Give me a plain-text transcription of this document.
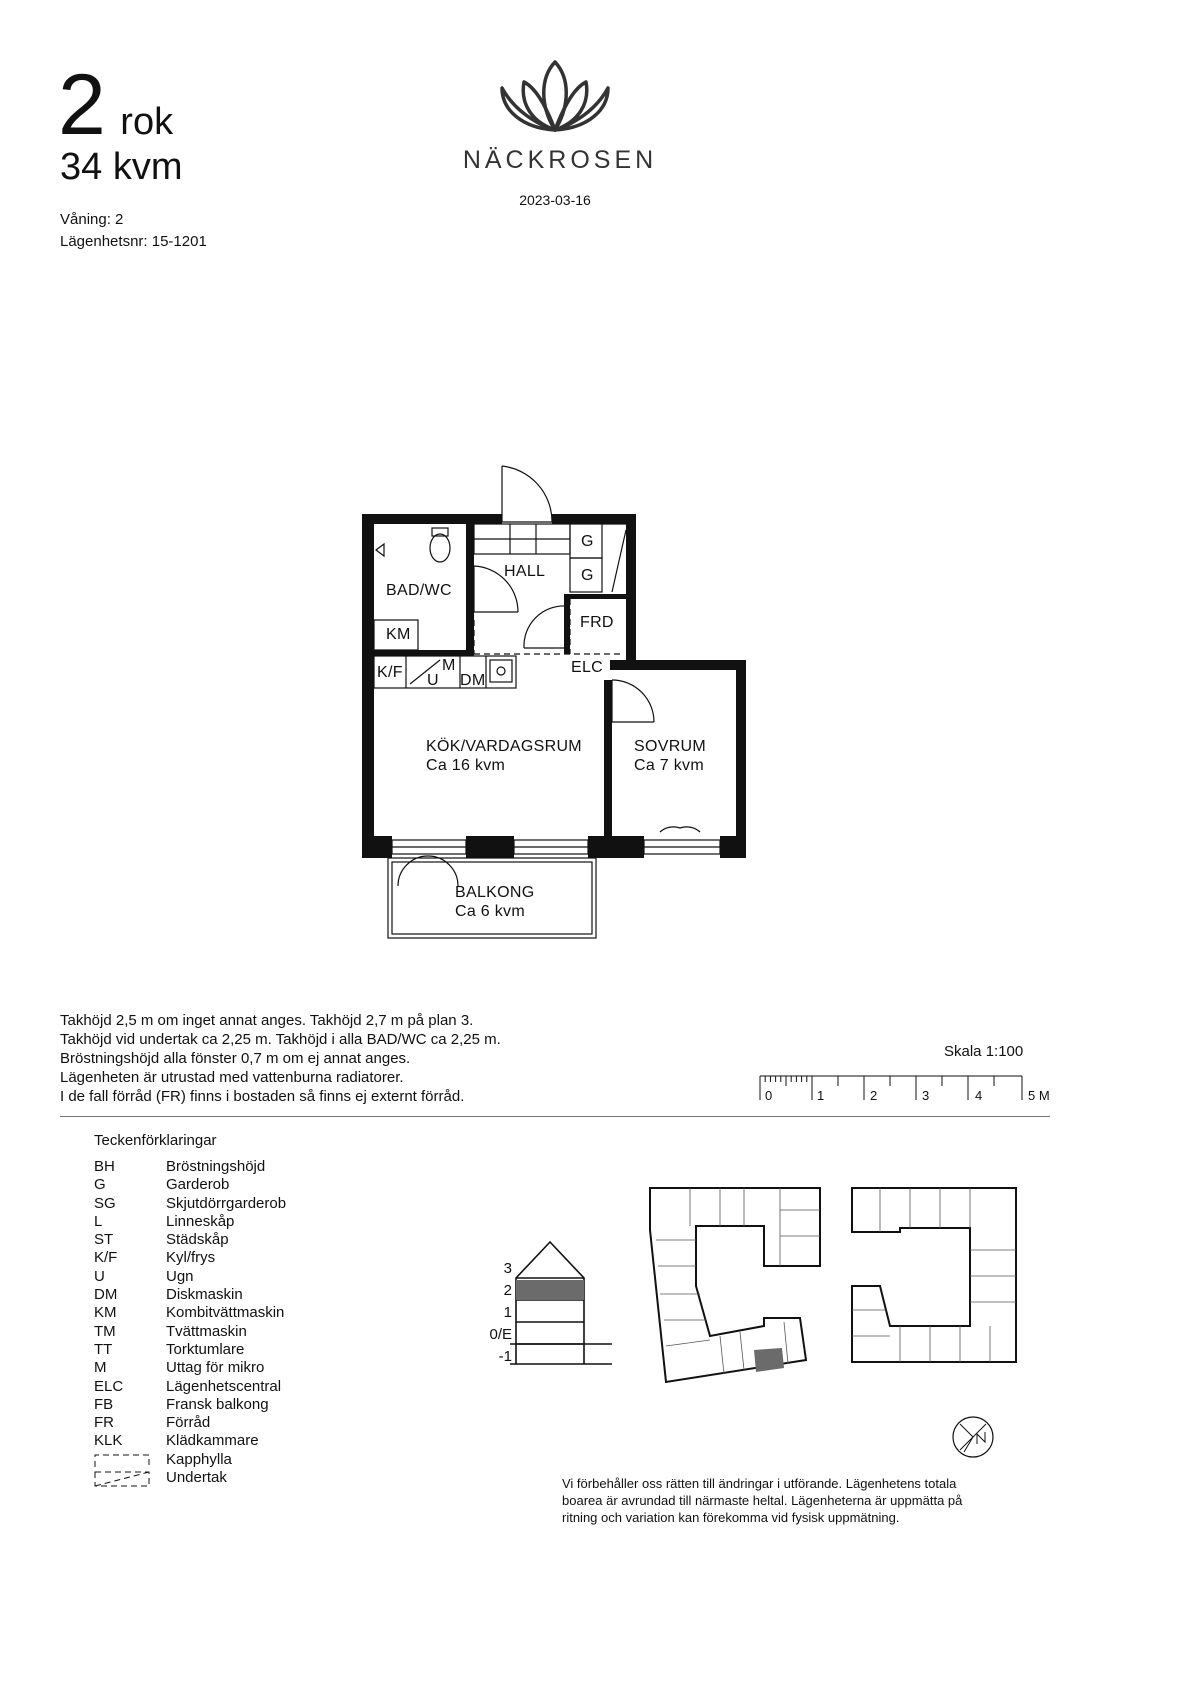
2 rok
34 kvm
Våning: 2
Lägenhetsnr: 15-1201
NÄCKROSEN
2023-03-16
BAD/WC
HALL
G
G
FRD
KM
K/F M
U DM
ELC
KÖK/VARDAGSRUM
Ca 16 kvm
SOVRUM
Ca 7 kvm
BALKONG
Ca 6 kvm
Takhöjd 2,5 m om inget annat anges. Takhöjd 2,7 m på plan 3.
Takhöjd vid undertak ca 2,25 m. Takhöjd i alla BAD/WC ca 2,25 m.
Bröstningshöjd alla fönster 0,7 m om ej annat anges.
Lägenheten är utrustad med vattenburna radiatorer.
I de fall förråd (FR) finns i bostaden så finns ej externt förråd.
Skala 1:100
0	1	2	3	4	5 M
Teckenförklaringar
BH	Bröstningshöjd
G	Garderob
SG	Skjutdörrgarderob
L	Linneskåp
ST	Städskåp
K/F	Kyl/frys
U	Ugn
DM	Diskmaskin
KM	Kombitvättmaskin
TM	Tvättmaskin
TT	Torktumlare
M	Uttag för mikro
ELC	Lägenhetscentral
FB	Fransk balkong
FR	Förråd
KLK	Klädkammare
Kapphylla
Undertak
3
2
1
0/E
-1
Vi förbehåller oss rätten till ändringar i utförande. Lägenhetens totala
boarea är avrundad till närmaste heltal. Lägenheterna är uppmätta på
ritning och variation kan förekomma vid fysisk uppmätning.
